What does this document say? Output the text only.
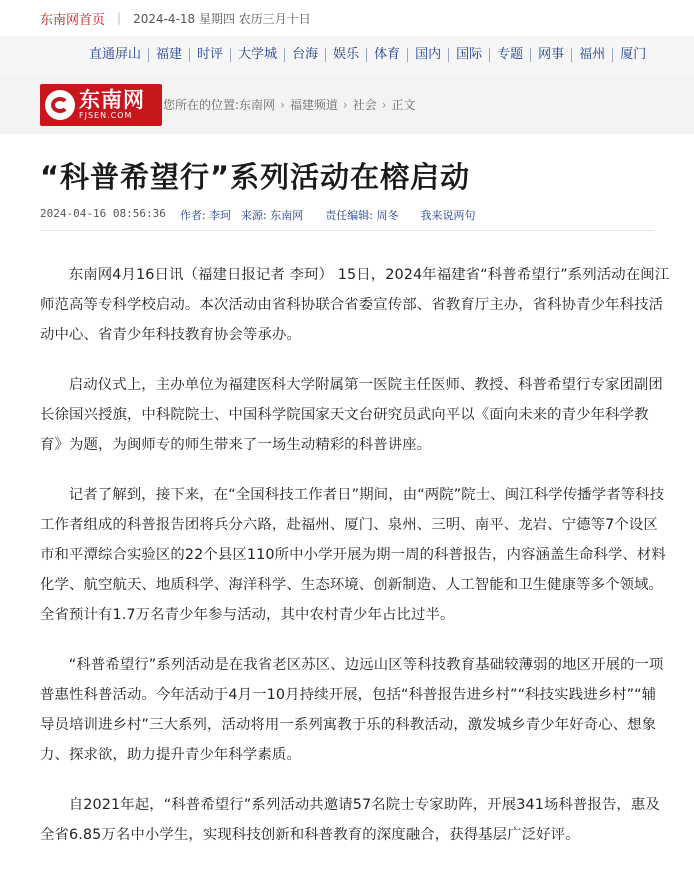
东南网首页 | 2024-4-18 星期四 农历三月十日
直通屏山	福建	时评	大学城	台海	娱乐	体育	国内	国际	专题	网事	福州	厦门
东南网
FJSEN.COM
您所在的位置: 东南网 › 福建频道 › 社会 › 正文
“科普希望行”系列活动在榕启动
2024-04-16 08:56:36 作者: 李珂 来源: 东南网 责任编辑: 周冬 我来说两句

东南网4月16日讯（福建日报记者 李珂） 15日，2024年福建省“科普希望行”系列活动在闽江师范高等专科学校启动。本次活动由省科协联合省委宣传部、省教育厅主办，省科协青少年科技活动中心、省青少年科技教育协会等承办。

启动仪式上，主办单位为福建医科大学附属第一医院主任医师、教授、科普希望行专家团副团长徐国兴授旗，中科院院士、中国科学院国家天文台研究员武向平以《面向未来的青少年科学教育》为题，为闽师专的师生带来了一场生动精彩的科普讲座。

记者了解到，接下来，在“全国科技工作者日”期间，由“两院”院士、闽江科学传播学者等科技工作者组成的科普报告团将兵分六路，赴福州、厦门、泉州、三明、南平、龙岩、宁德等7个设区市和平潭综合实验区的22个县区110所中小学开展为期一周的科普报告，内容涵盖生命科学、材料化学、航空航天、地质科学、海洋科学、生态环境、创新制造、人工智能和卫生健康等多个领域。全省预计有1.7万名青少年参与活动，其中农村青少年占比过半。

“科普希望行”系列活动是在我省老区苏区、边远山区等科技教育基础较薄弱的地区开展的一项普惠性科普活动。今年活动于4月一10月持续开展，包括“科普报告进乡村”“科技实践进乡村”“辅导员培训进乡村”三大系列，活动将用一系列寓教于乐的科教活动，激发城乡青少年好奇心、想象力、探求欲，助力提升青少年科学素质。

自2021年起，“科普希望行”系列活动共邀请57名院士专家助阵，开展341场科普报告，惠及全省6.85万名中小学生，实现科技创新和科普教育的深度融合，获得基层广泛好评。
